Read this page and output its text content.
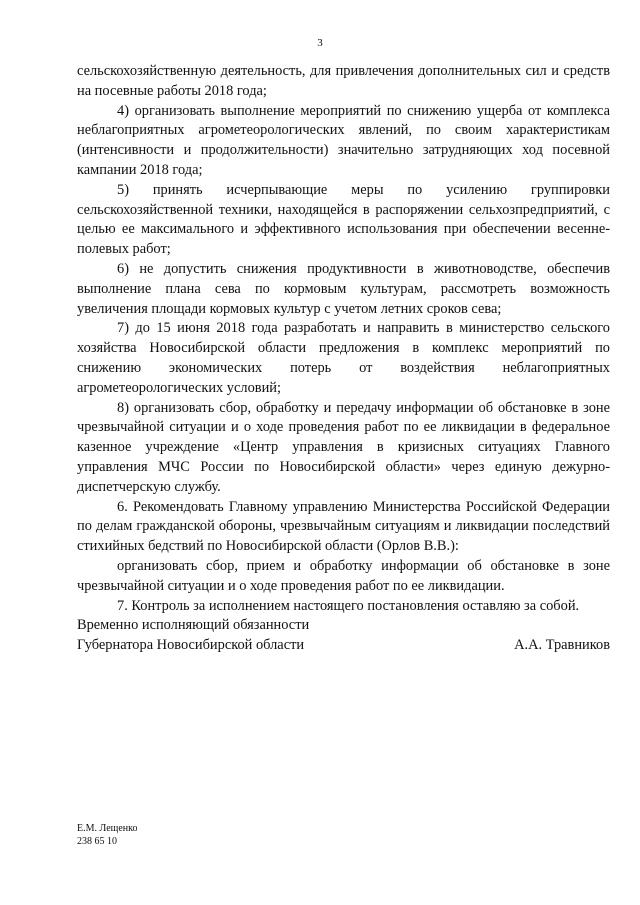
3

сельскохозяйственную деятельность, для привлечения дополнительных сил и средств на посевные работы 2018 года;

4) организовать выполнение мероприятий по снижению ущерба от комплекса неблагоприятных агрометеорологических явлений, по своим характеристикам (интенсивности и продолжительности) значительно затрудняющих ход посевной кампании 2018 года;

5) принять исчерпывающие меры по усилению группировки сельскохозяйственной техники, находящейся в распоряжении сельхозпредприятий, с целью ее максимального и эффективного использования при обеспечении весенне-полевых работ;

6) не допустить снижения продуктивности в животноводстве, обеспечив выполнение плана сева по кормовым культурам, рассмотреть возможность увеличения площади кормовых культур с учетом летних сроков сева;

7) до 15 июня 2018 года разработать и направить в министерство сельского хозяйства Новосибирской области предложения в комплекс мероприятий по снижению экономических потерь от воздействия неблагоприятных агрометеорологических условий;

8) организовать сбор, обработку и передачу информации об обстановке в зоне чрезвычайной ситуации и о ходе проведения работ по ее ликвидации в федеральное казенное учреждение «Центр управления в кризисных ситуациях Главного управления МЧС России по Новосибирской области» через единую дежурно-диспетчерскую службу.

6. Рекомендовать Главному управлению Министерства Российской Федерации по делам гражданской обороны, чрезвычайным ситуациям и ликвидации последствий стихийных бедствий по Новосибирской области (Орлов В.В.):

организовать сбор, прием и обработку информации об обстановке в зоне чрезвычайной ситуации и о ходе проведения работ по ее ликвидации.

7. Контроль за исполнением настоящего постановления оставляю за собой.

Временно исполняющий обязанности
Губернатора Новосибирской области	А.А. Травников
Е.М. Лещенко
238 65 10
